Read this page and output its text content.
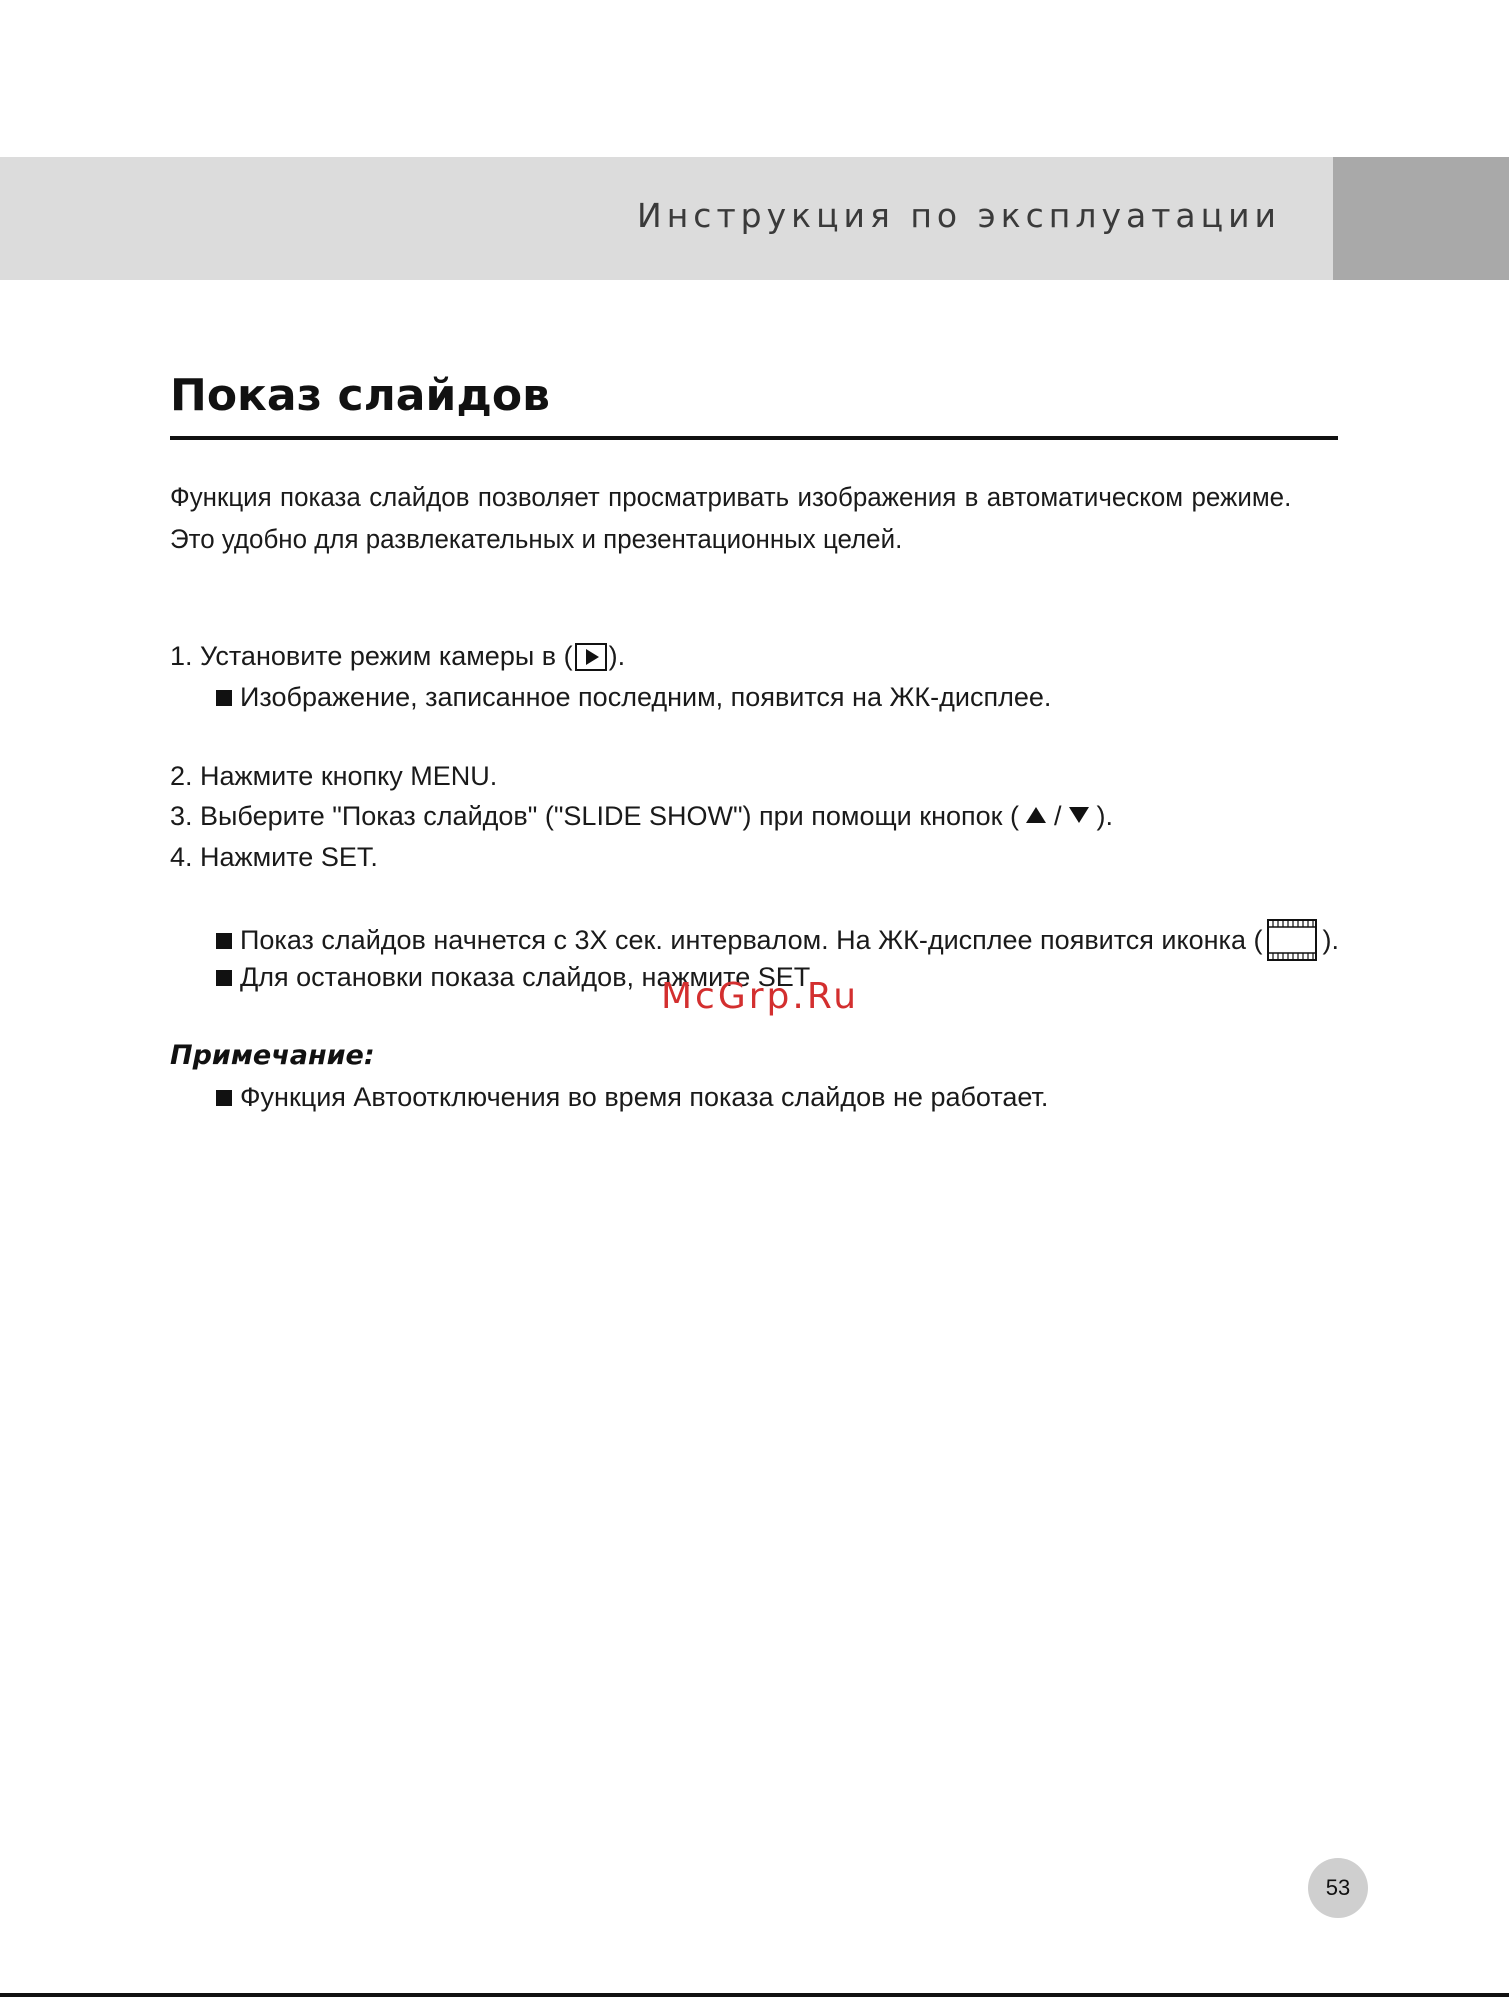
Инструкция по эксплуатации
Показ слайдов

Функция показа слайдов позволяет просматривать изображения в автоматическом режиме. Это удобно для развлекательных и презентационных целей.

1. Установите режим камеры в ( ).
Изображение, записанное последним, появится на ЖК-дисплее.
2. Нажмите кнопку MENU.
3. Выберите "Показ слайдов" ("SLIDE SHOW") при помощи кнопок ( / ).
4. Нажмите SET.
Показ слайдов начнется с 3Х сек. интервалом. На ЖК-дисплее появится иконка ( ).
Для остановки показа слайдов, нажмите SET
McGrp.Ru
Примечание:
Функция Автоотключения во время показа слайдов не работает.
53
